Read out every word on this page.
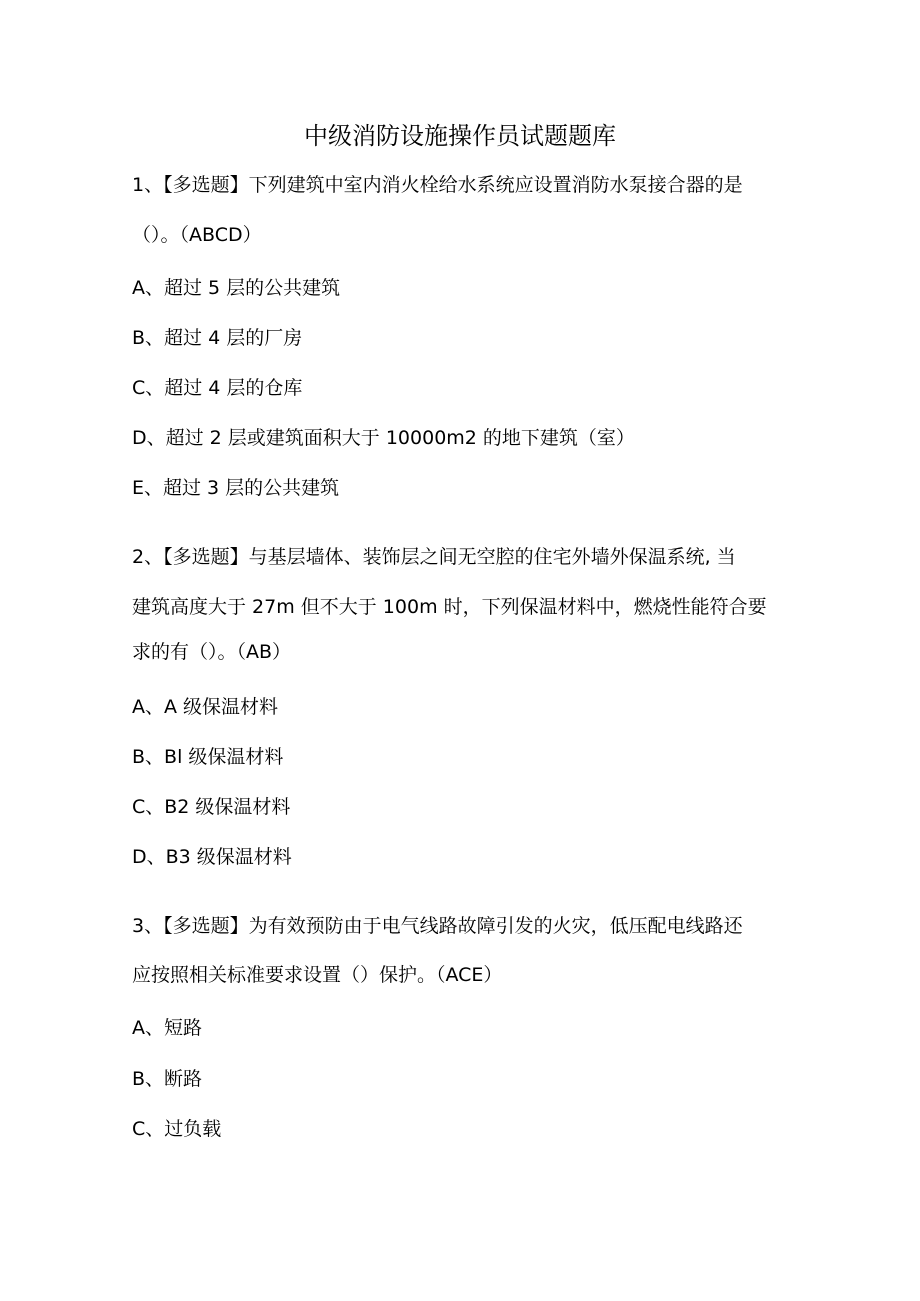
中级消防设施操作员试题题库
1、【多选题】下列建筑中室内消火栓给水系统应设置消防水泵接合器的是
（）。（ABCD）
A、超过 5 层的公共建筑
B、超过 4 层的厂房
C、超过 4 层的仓库
D、超过 2 层或建筑面积大于 10000m2 的地下建筑（室）
E、超过 3 层的公共建筑
2、【多选题】与基层墙体、装饰层之间无空腔的住宅外墙外保温系统, 当
建筑高度大于 27m 但不大于 100m 时，下列保温材料中，燃烧性能符合要
求的有（）。（AB）
A、A 级保温材料
B、Bl 级保温材料
C、B2 级保温材料
D、B3 级保温材料
3、【多选题】为有效预防由于电气线路故障引发的火灾，低压配电线路还
应按照相关标准要求设置（）保护。（ACE）
A、短路
B、断路
C、过负载
